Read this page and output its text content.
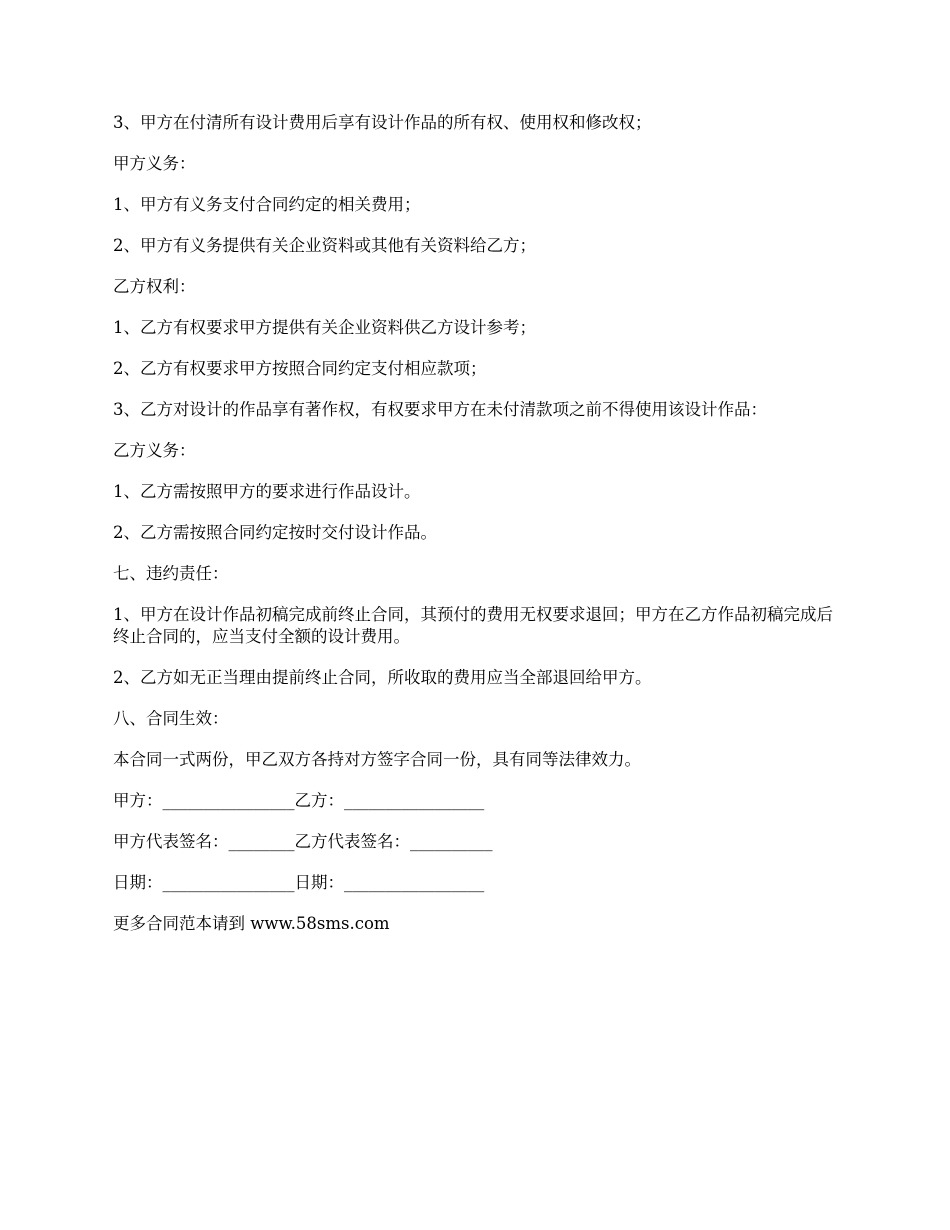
3、甲方在付清所有设计费用后享有设计作品的所有权、使用权和修改权；

甲方义务：

1、甲方有义务支付合同约定的相关费用；

2、甲方有义务提供有关企业资料或其他有关资料给乙方；

乙方权利：

1、乙方有权要求甲方提供有关企业资料供乙方设计参考；

2、乙方有权要求甲方按照合同约定支付相应款项；

3、乙方对设计的作品享有著作权，有权要求甲方在未付清款项之前不得使用该设计作品：

乙方义务：

1、乙方需按照甲方的要求进行作品设计。

2、乙方需按照合同约定按时交付设计作品。

七、违约责任：

1、甲方在设计作品初稿完成前终止合同，其预付的费用无权要求退回；甲方在乙方作品初稿完成后终止合同的，应当支付全额的设计费用。

2、乙方如无正当理由提前终止合同，所收取的费用应当全部退回给甲方。

八、合同生效：

本合同一式两份，甲乙双方各持对方签字合同一份，具有同等法律效力。

甲方：________________乙方：_________________

甲方代表签名：________乙方代表签名：__________

日期：________________日期：_________________

更多合同范本请到 www.58sms.com
